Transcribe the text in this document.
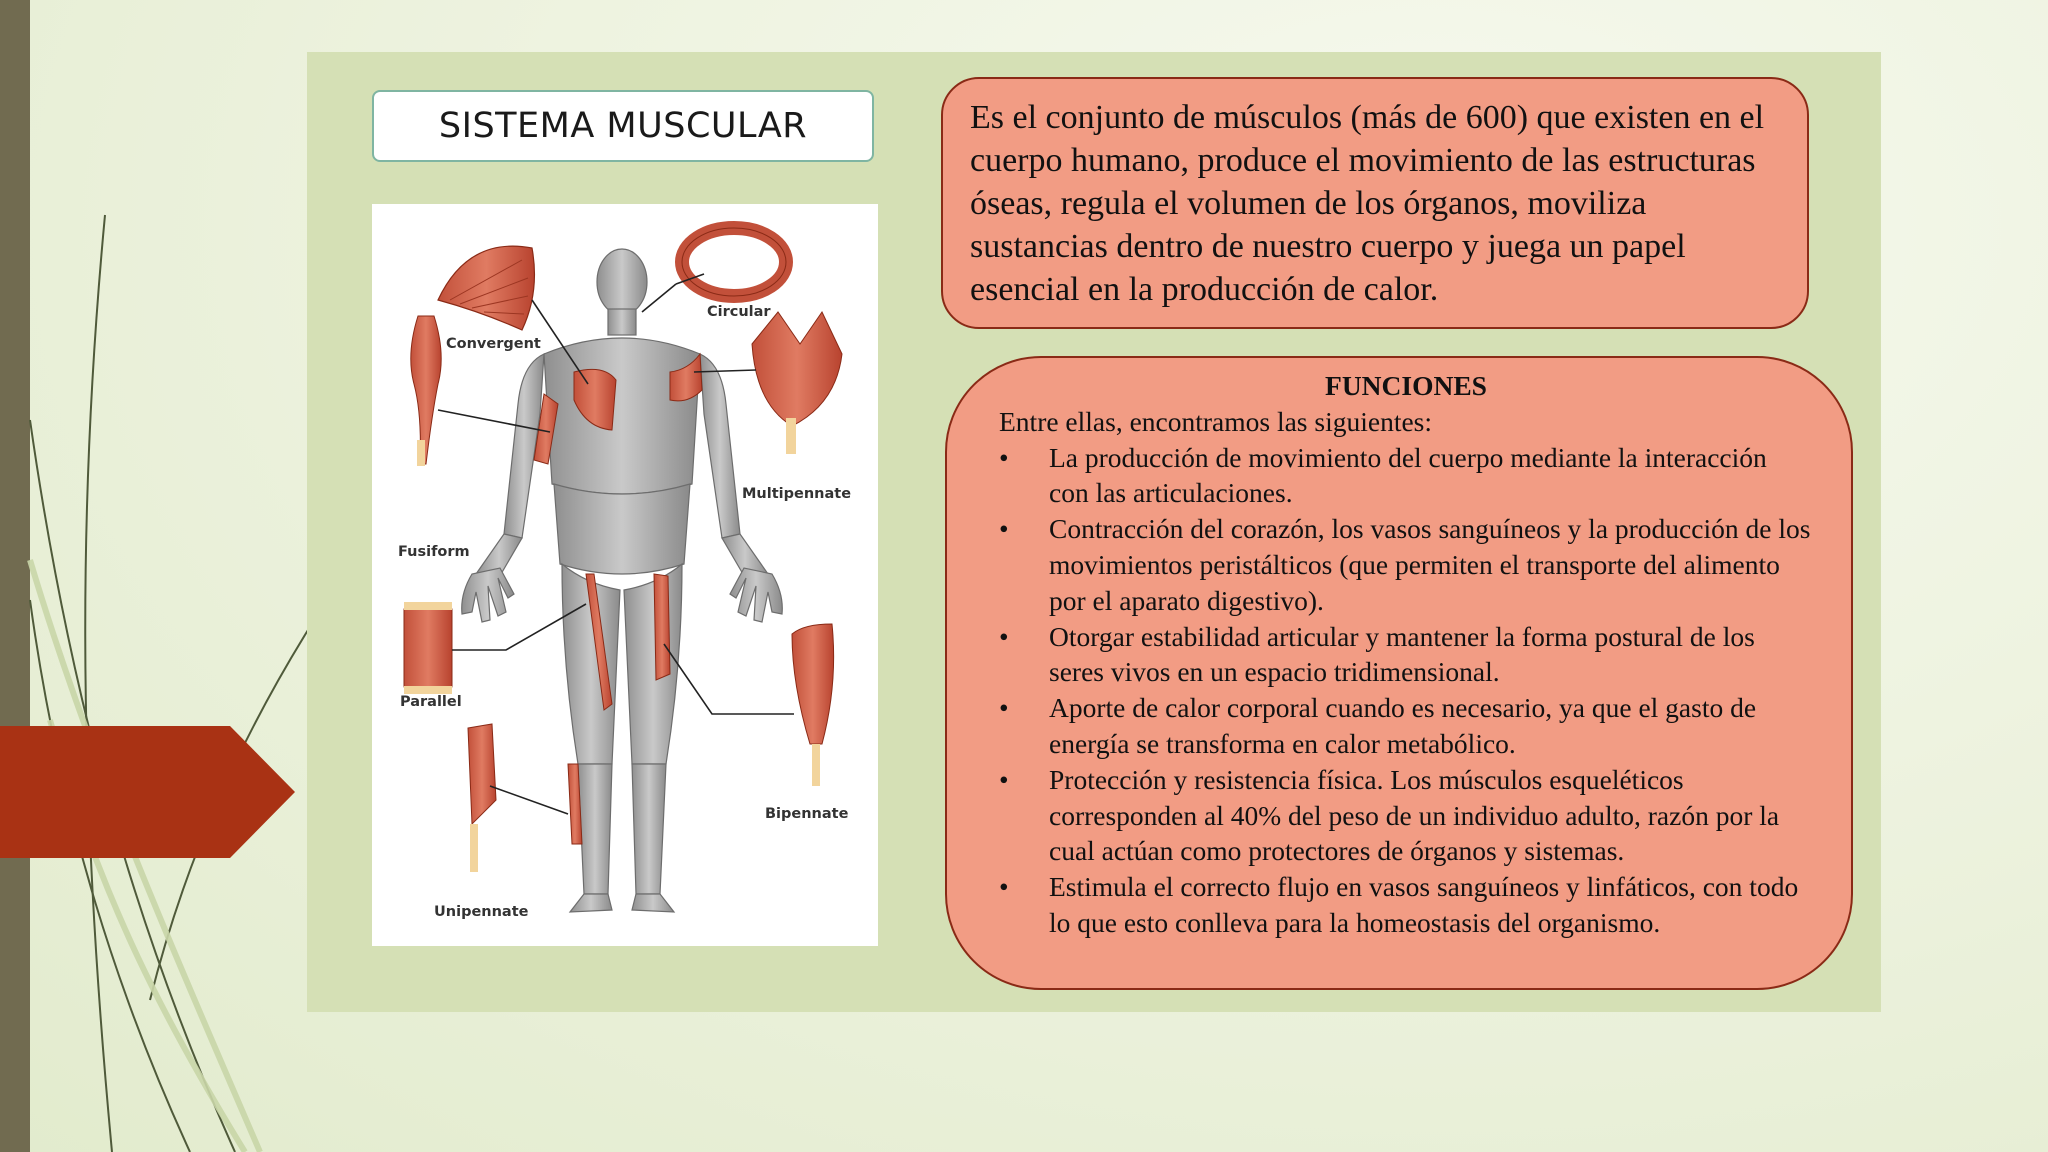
SISTEMA MUSCULAR
Convergent
Circular
Fusiform
Multipennate
Parallel
Bipennate
Unipennate
Es el conjunto de músculos (más de 600) que existen en el cuerpo humano, produce el movimiento de las estructuras óseas, regula el volumen de los órganos, moviliza sustancias dentro de nuestro cuerpo y juega un papel esencial en la producción de calor.
FUNCIONES
Entre ellas, encontramos las siguientes:
• La producción de movimiento del cuerpo mediante la interacción con las articulaciones.
• Contracción del corazón, los vasos sanguíneos y la producción de los movimientos peristálticos (que permiten el transporte del alimento por el aparato digestivo).
• Otorgar estabilidad articular y mantener la forma postural de los seres vivos en un espacio tridimensional.
• Aporte de calor corporal cuando es necesario, ya que el gasto de energía se transforma en calor metabólico.
• Protección y resistencia física. Los músculos esqueléticos corresponden al 40% del peso de un individuo adulto, razón por la cual actúan como protectores de órganos y sistemas.
• Estimula el correcto flujo en vasos sanguíneos y linfáticos, con todo lo que esto conlleva para la homeostasis del organismo.
